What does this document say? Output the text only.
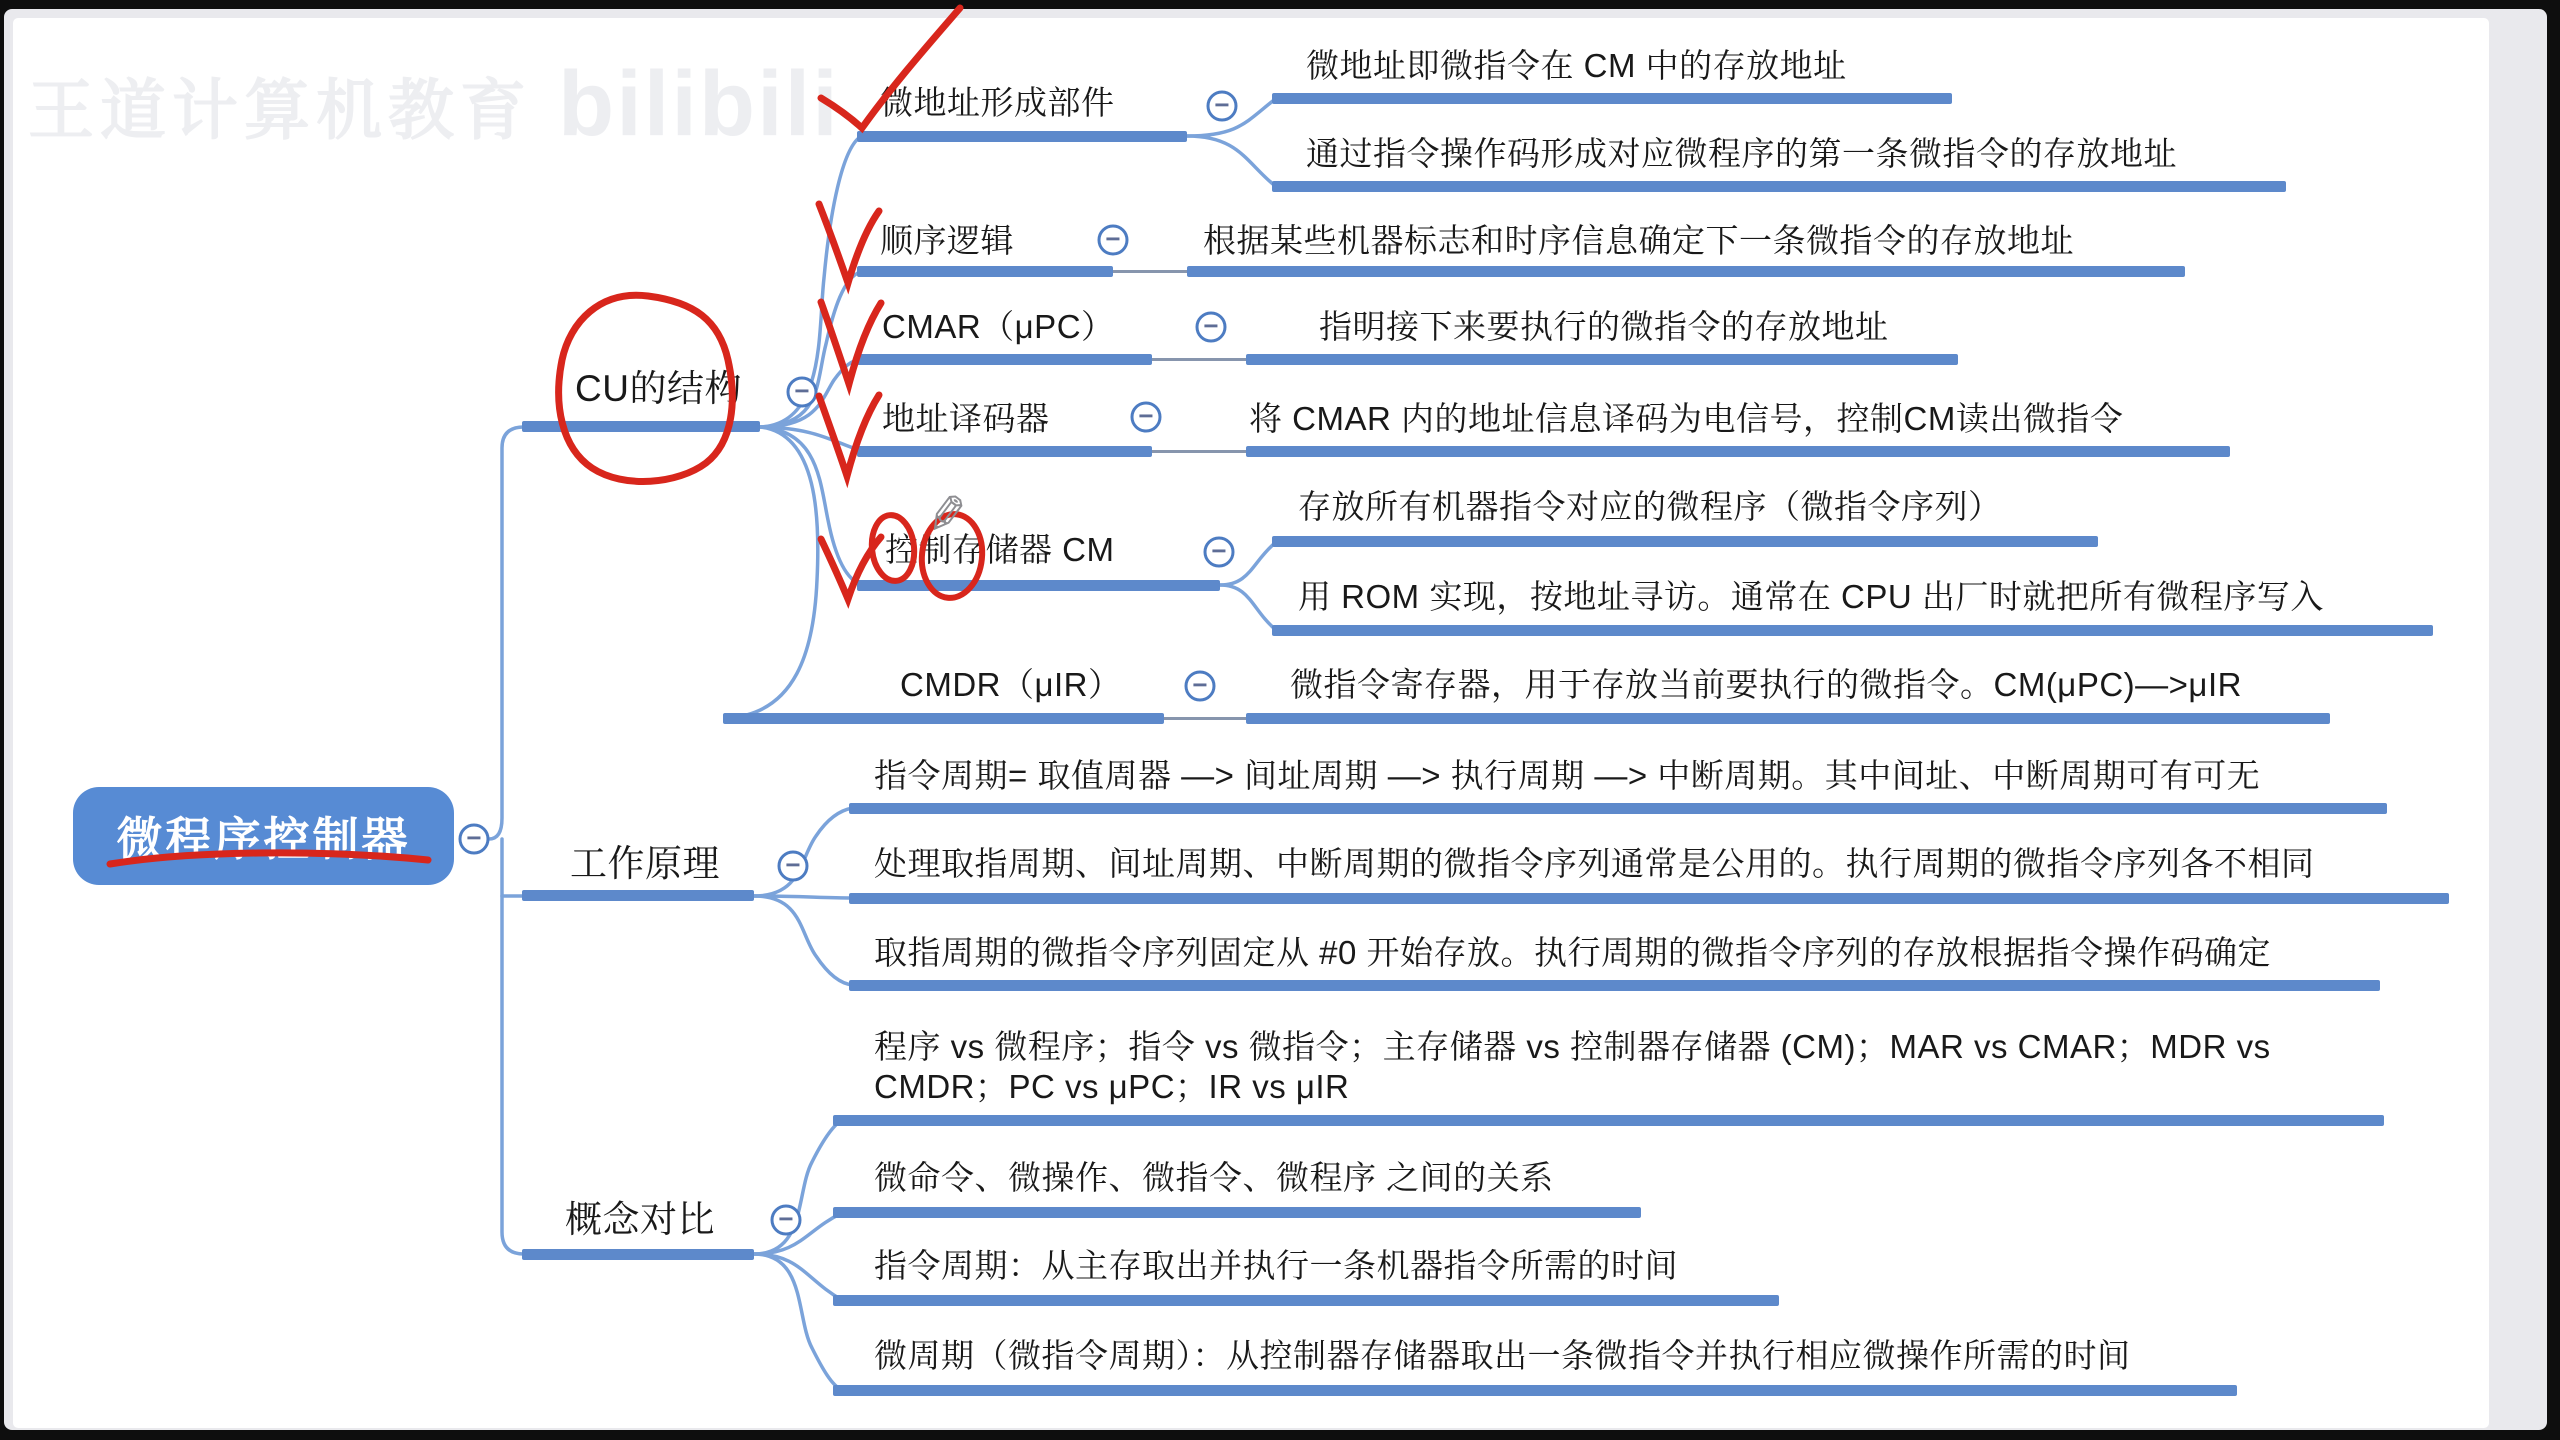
王道计算机教育 bilibili
微程序控制器
CU的结构
工作原理
概念对比
微地址形成部件
微地址即微指令在 CM 中的存放地址
通过指令操作码形成对应微程序的第一条微指令的存放地址
顺序逻辑	根据某些机器标志和时序信息确定下一条微指令的存放地址
CMAR（μPC）	指明接下来要执行的微指令的存放地址
地址译码器	将 CMAR 内的地址信息译码为电信号，控制CM读出微指令
控制存储器 CM
存放所有机器指令对应的微程序（微指令序列）
用 ROM 实现，按地址寻访。通常在 CPU 出厂时就把所有微程序写入
CMDR（μIR）	微指令寄存器，用于存放当前要执行的微指令。CM(μPC)—>μIR
指令周期= 取值周器 —> 间址周期 —> 执行周期 —> 中断周期。其中间址、中断周期可有可无
处理取指周期、间址周期、中断周期的微指令序列通常是公用的。执行周期的微指令序列各不相同
取指周期的微指令序列固定从 #0 开始存放。执行周期的微指令序列的存放根据指令操作码确定
程序 vs 微程序；指令 vs 微指令；主存储器 vs 控制器存储器 (CM)；MAR vs CMAR；MDR vs CMDR；PC vs μPC；IR vs μIR
微命令、微操作、微指令、微程序 之间的关系
指令周期：从主存取出并执行一条机器指令所需的时间
微周期（微指令周期）：从控制器存储器取出一条微指令并执行相应微操作所需的时间
−
−
−
−
−
−
−
−
−
−
✎
